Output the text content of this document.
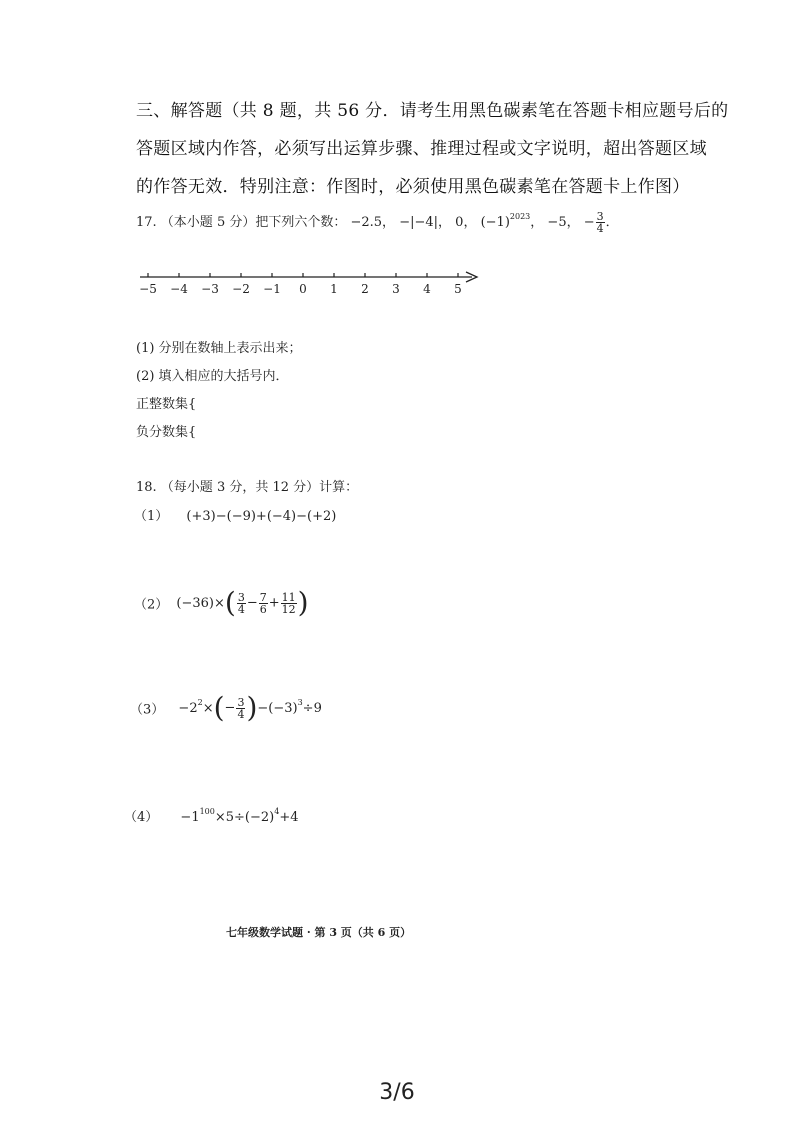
三、解答题（共 8 题，共 56 分．请考生用黑色碳素笔在答题卡相应题号后的
答题区域内作答，必须写出运算步骤、推理过程或文字说明，超出答题区域
的作答无效．特别注意：作图时，必须使用黑色碳素笔在答题卡上作图）
17. （本小题 5 分）把下列六个数： −2.5， −|−4|， 0， $(-1)^{2023}$， −5， − $\frac{3}{4}$ ．
−5 −4 −3 −2 −1 0 1 2 3 4 5
(1) 分别在数轴上表示出来；
(2) 填入相应的大括号内．
正整数集{
负分数集{
18. （每小题 3 分，共 12 分）计算：
（1） (+3)−(−9)+(−4)−(+2)
（2） $(-36)\times( \frac{3}{4} - \frac{7}{6} + \frac{11}{12}$ )
$(3) -2^2\times(- \frac{3}{4} )-(-3)^3\div 9$
$(4) -1^{100}\times 5\div(-2)^4+4$
七年级数学试题 · 第 3 页（共 6 页）
3/6
